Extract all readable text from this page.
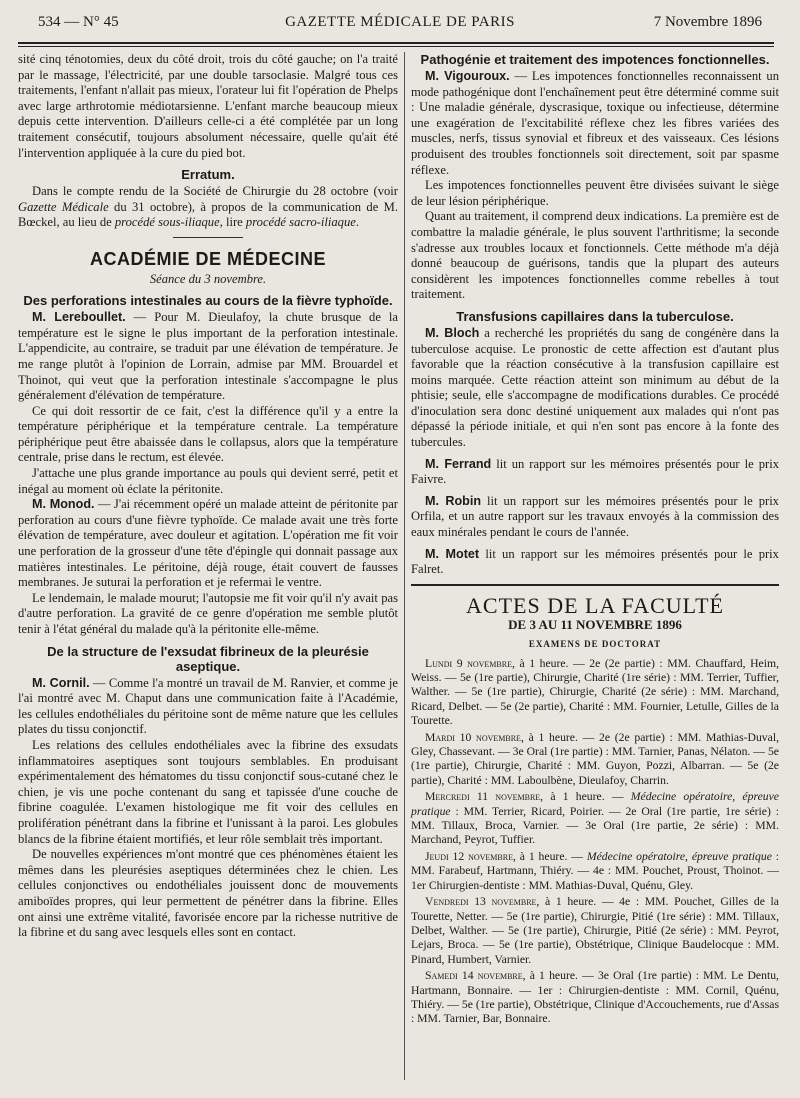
534 — N° 45	GAZETTE MÉDICALE DE PARIS	7 Novembre 1896

sité cinq ténotomies, deux du côté droit, trois du côté gauche; on l'a traité par le massage, l'électricité, par une double tarsoclasie. Malgré tous ces traitements, l'enfant n'allait pas mieux, l'orateur lui fit l'opération de Phelps avec large arthrotomie médiotarsienne. L'enfant marche beaucoup mieux depuis cette intervention. D'ailleurs celle-ci a été complétée par un long traitement consécutif, toujours absolument nécessaire, quelle qu'ait été l'intervention appliquée à la cure du pied bot.

Erratum.

Dans le compte rendu de la Société de Chirurgie du 28 octobre (voir Gazette Médicale du 31 octobre), à propos de la communication de M. Bœckel, au lieu de procédé sous-iliaque, lire procédé sacro-iliaque.

ACADÉMIE DE MÉDECINE
Séance du 3 novembre.
Des perforations intestinales au cours de la fièvre typhoïde.

M. Lereboullet. — Pour M. Dieulafoy, la chute brusque de la température est le signe le plus important de la perforation intestinale. L'appendicite, au contraire, se traduit par une élévation de température. Je me range plutôt à l'opinion de Lorrain, admise par MM. Brouardel et Thoinot, qui veut que la perforation intestinale s'accompagne le plus généralement d'élévation de température.

Ce qui doit ressortir de ce fait, c'est la différence qu'il y a entre la température périphérique et la température centrale. La température périphérique peut être abaissée dans le collapsus, alors que la température centrale, prise dans le rectum, est élevée.

J'attache une plus grande importance au pouls qui devient serré, petit et inégal au moment où éclate la péritonite.

M. Monod. — J'ai récemment opéré un malade atteint de péritonite par perforation au cours d'une fièvre typhoïde. Ce malade avait une très forte élévation de température, avec douleur et agitation. L'opération me fit voir une perforation de la grosseur d'une tête d'épingle qui donnait passage aux matières intestinales. Le péritoine, déjà rouge, était couvert de fausses membranes. Je suturai la perforation et je refermai le ventre.

Le lendemain, le malade mourut; l'autopsie me fit voir qu'il n'y avait pas d'autre perforation. La gravité de ce genre d'opération me semble plutôt tenir à l'état général du malade qu'à la péritonite elle-même.

De la structure de l'exsudat fibrineux de la pleurésie aseptique.

M. Cornil. — Comme l'a montré un travail de M. Ranvier, et comme je l'ai montré avec M. Chaput dans une communication faite à l'Académie, les cellules endothéliales du péritoine sont de même nature que les cellules plates du tissu conjonctif.

Les relations des cellules endothéliales avec la fibrine des exsudats inflammatoires aseptiques sont toujours semblables. En produisant expérimentalement des hématomes du tissu conjonctif sous-cutané chez le chien, je vis une poche contenant du sang et tapissée d'une couche de fibrine coagulée. L'examen histologique me fit voir des cellules en prolifération pénétrant dans la fibrine et l'unissant à la paroi. Les globules blancs de la fibrine étaient mortifiés, et leur rôle semblait très important.

De nouvelles expériences m'ont montré que ces phénomènes étaient les mêmes dans les pleurésies aseptiques déterminées chez le chien. Les cellules conjonctives ou endothéliales jouissent donc de mouvements amiboïdes propres, qui leur permettent de pénétrer dans la fibrine. Elles ont ainsi une extrême vitalité, favorisée encore par la richesse nutritive de la fibrine et du sang avec lesquels elles sont en contact.

Pathogénie et traitement des impotences fonctionnelles.

M. Vigouroux. — Les impotences fonctionnelles reconnaissent un mode pathogénique dont l'enchaînement peut être déterminé comme suit : Une maladie générale, dyscrasique, toxique ou infectieuse, détermine une exagération de l'excitabilité réflexe chez les fibres variées des muscles, nerfs, tissus synovial et fibreux et des vaisseaux. Ces lésions produisent des troubles fonctionnels soit directement, soit par spasme réflexe.

Les impotences fonctionnelles peuvent être divisées suivant le siège de leur lésion périphérique.

Quant au traitement, il comprend deux indications. La première est de combattre la maladie générale, le plus souvent l'arthritisme; la seconde s'adresse aux troubles locaux et fonctionnels. Cette méthode m'a déjà donné beaucoup de guérisons, tandis que la plupart des auteurs considèrent les impotences fonctionnelles comme rebelles à tout traitement.

Transfusions capillaires dans la tuberculose.

M. Bloch a recherché les propriétés du sang de congénère dans la tuberculose acquise. Le pronostic de cette affection est d'autant plus favorable que la réaction consécutive à la transfusion capillaire est moins marquée. Cette réaction atteint son minimum au début de la phtisie; seule, elle s'accompagne de modifications durables. Ce procédé d'inoculation sera donc destiné uniquement aux malades qui n'ont pas dépassé la période initiale, et qui n'en sont pas encore à la fonte des tubercules.

M. Ferrand lit un rapport sur les mémoires présentés pour le prix Faivre.

M. Robin lit un rapport sur les mémoires présentés pour le prix Orfila, et un autre rapport sur les travaux envoyés à la commission des eaux minérales pendant le cours de l'année.

M. Motet lit un rapport sur les mémoires présentés pour le prix Falret.

ACTES DE LA FACULTÉ
DE 3 AU 11 NOVEMBRE 1896
EXAMENS DE DOCTORAT

Lundi 9 novembre, à 1 heure. — 2e (2e partie) : MM. Chauffard, Heim, Weiss. — 5e (1re partie), Chirurgie, Charité (1re série) : MM. Terrier, Tuffier, Walther. — 5e (1re partie), Chirurgie, Charité (2e série) : MM. Marchand, Ricard, Delbet. — 5e (2e partie), Charité : MM. Fournier, Letulle, Gilles de la Tourette.

Mardi 10 novembre, à 1 heure. — 2e (2e partie) : MM. Mathias-Duval, Gley, Chassevant. — 3e Oral (1re partie) : MM. Tarnier, Panas, Nélaton. — 5e (1re partie), Chirurgie, Charité : MM. Guyon, Pozzi, Albarran. — 5e (2e partie), Charité : MM. Laboulbène, Dieulafoy, Charrin.

Mercredi 11 novembre, à 1 heure. — Médecine opératoire, épreuve pratique : MM. Terrier, Ricard, Poirier. — 2e Oral (1re partie, 1re série) : MM. Tillaux, Broca, Varnier. — 3e Oral (1re partie, 2e série) : MM. Marchand, Peyrot, Tuffier.

Jeudi 12 novembre, à 1 heure. — Médecine opératoire, épreuve pratique : MM. Farabeuf, Hartmann, Thiéry. — 4e : MM. Pouchet, Proust, Thoinot. — 1er Chirurgien-dentiste : MM. Mathias-Duval, Quénu, Gley.

Vendredi 13 novembre, à 1 heure. — 4e : MM. Pouchet, Gilles de la Tourette, Netter. — 5e (1re partie), Chirurgie, Pitié (1re série) : MM. Tillaux, Delbet, Walther. — 5e (1re partie), Chirurgie, Pitié (2e série) : MM. Peyrot, Lejars, Broca. — 5e (1re partie), Obstétrique, Clinique Baudelocque : MM. Pinard, Humbert, Varnier.

Samedi 14 novembre, à 1 heure. — 3e Oral (1re partie) : MM. Le Dentu, Hartmann, Bonnaire. — 1er : Chirurgien-dentiste : MM. Cornil, Quénu, Thiéry. — 5e (1re partie), Obstétrique, Clinique d'Accouchements, rue d'Assas : MM. Tarnier, Bar, Bonnaire.
